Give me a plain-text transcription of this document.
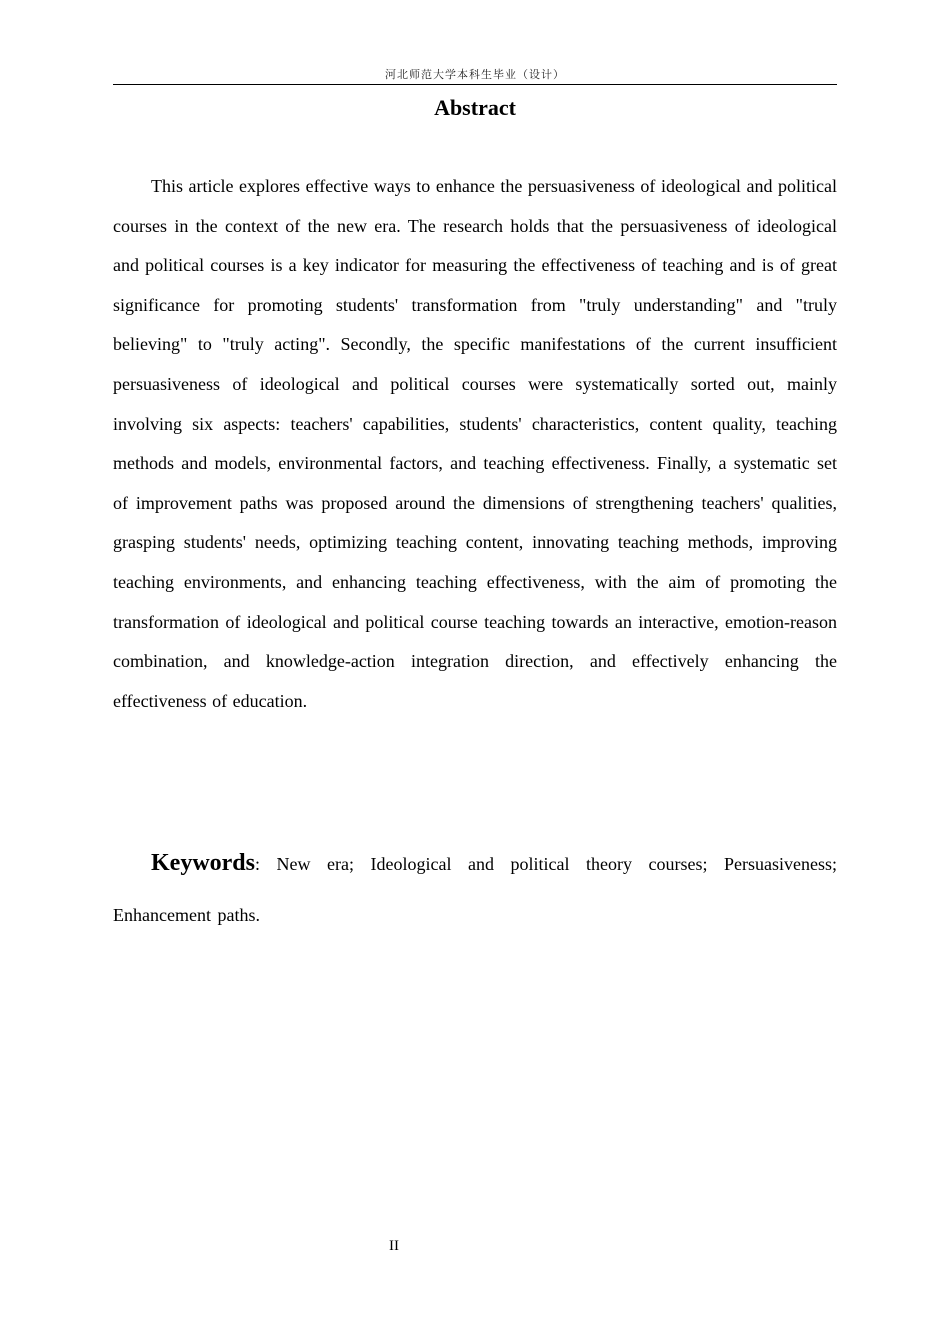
河北师范大学本科生毕业（设计）
Abstract

This article explores effective ways to enhance the persuasiveness of ideological and political courses in the context of the new era. The research holds that the persuasiveness of ideological and political courses is a key indicator for measuring the effectiveness of teaching and is of great significance for promoting students' transformation from "truly understanding" and "truly believing" to "truly acting". Secondly, the specific manifestations of the current insufficient persuasiveness of ideological and political courses were systematically sorted out, mainly involving six aspects: teachers' capabilities, students' characteristics, content quality, teaching methods and models, environmental factors, and teaching effectiveness. Finally, a systematic set of improvement paths was proposed around the dimensions of strengthening teachers' qualities, grasping students' needs, optimizing teaching content, innovating teaching methods, improving teaching environments, and enhancing teaching effectiveness, with the aim of promoting the transformation of ideological and political course teaching towards an interactive, emotion-reason combination, and knowledge-action integration direction, and effectively enhancing the effectiveness of education.

Keywords: New era; Ideological and political theory courses; Persuasiveness; Enhancement paths.

II
